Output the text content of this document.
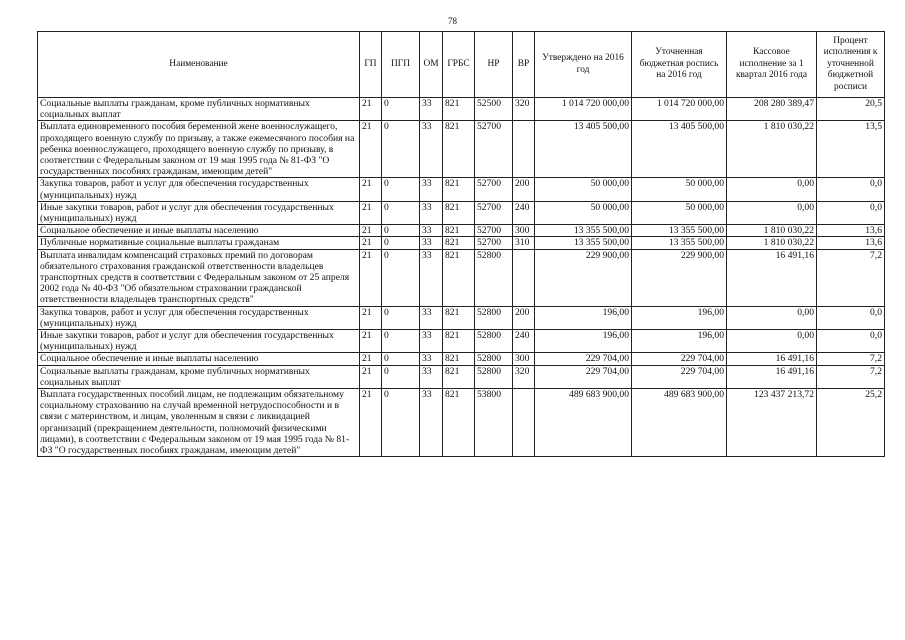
78
Наименование	ГП	ПГП	ОМ	ГРБС	НР	ВР	Утверждено на 2016 год	Уточненная бюджетная роспись на 2016 год	Кассовое исполнение за 1 квартал 2016 года	Процент исполнения к уточненной бюджетной росписи
Социальные выплаты гражданам, кроме публичных нормативных социальных выплат	21	0	33	821	52500	320	1 014 720 000,00	1 014 720 000,00	208 280 389,47	20,5
Выплата единовременного пособия беременной жене военнослужащего, проходящего военную службу по призыву, а также ежемесячного пособия на ребенка военнослужащего, проходящего военную службу по призыву, в соответствии с Федеральным законом от 19 мая 1995 года № 81-ФЗ "О государственных пособиях гражданам, имеющим детей"	21	0	33	821	52700		13 405 500,00	13 405 500,00	1 810 030,22	13,5
Закупка товаров, работ и услуг для обеспечения государственных (муниципальных) нужд	21	0	33	821	52700	200	50 000,00	50 000,00	0,00	0,0
Иные закупки товаров, работ и услуг для обеспечения государственных (муниципальных) нужд	21	0	33	821	52700	240	50 000,00	50 000,00	0,00	0,0
Социальное обеспечение и иные выплаты населению	21	0	33	821	52700	300	13 355 500,00	13 355 500,00	1 810 030,22	13,6
Публичные нормативные социальные выплаты гражданам	21	0	33	821	52700	310	13 355 500,00	13 355 500,00	1 810 030,22	13,6
Выплата инвалидам компенсаций страховых премий по договорам обязательного страхования гражданской ответственности владельцев транспортных средств в соответствии с Федеральным законом от 25 апреля 2002 года № 40-ФЗ "Об обязательном страховании гражданской ответственности владельцев транспортных средств"	21	0	33	821	52800		229 900,00	229 900,00	16 491,16	7,2
Закупка товаров, работ и услуг для обеспечения государственных (муниципальных) нужд	21	0	33	821	52800	200	196,00	196,00	0,00	0,0
Иные закупки товаров, работ и услуг для обеспечения государственных (муниципальных) нужд	21	0	33	821	52800	240	196,00	196,00	0,00	0,0
Социальное обеспечение и иные выплаты населению	21	0	33	821	52800	300	229 704,00	229 704,00	16 491,16	7,2
Социальные выплаты гражданам, кроме публичных нормативных социальных выплат	21	0	33	821	52800	320	229 704,00	229 704,00	16 491,16	7,2
Выплата государственных пособий лицам, не подлежащим обязательному социальному страхованию на случай временной нетрудоспособности и в связи с материнством, и лицам, уволенным в связи с ликвидацией организаций (прекращением деятельности, полномочий физическими лицами), в соответствии с Федеральным законом от 19 мая 1995 года № 81-ФЗ "О государственных пособиях гражданам, имеющим детей"	21	0	33	821	53800		489 683 900,00	489 683 900,00	123 437 213,72	25,2
